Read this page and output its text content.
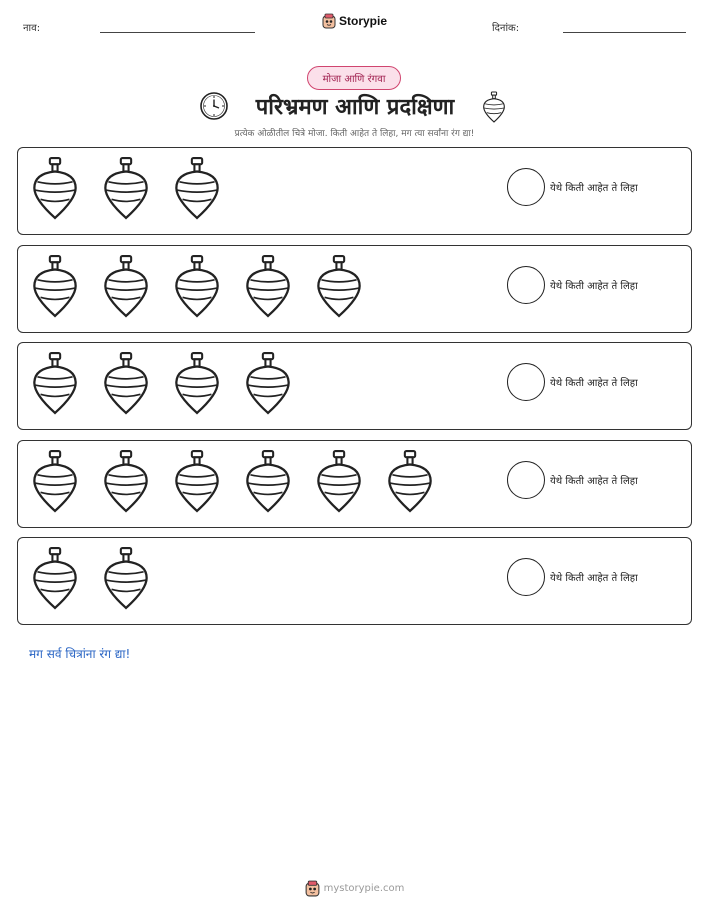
नाव:
Storypie
दिनांक:
मोजा आणि रंगवा
परिभ्रमण आणि प्रदक्षिणा
प्रत्येक ओळीतील चित्रे मोजा. किती आहेत ते लिहा, मग त्या सर्वांना रंग द्या!
येथे किती आहेत ते लिहा
येथे किती आहेत ते लिहा
येथे किती आहेत ते लिहा
येथे किती आहेत ते लिहा
येथे किती आहेत ते लिहा
मग सर्व चित्रांना रंग द्या!
mystorypie.com
